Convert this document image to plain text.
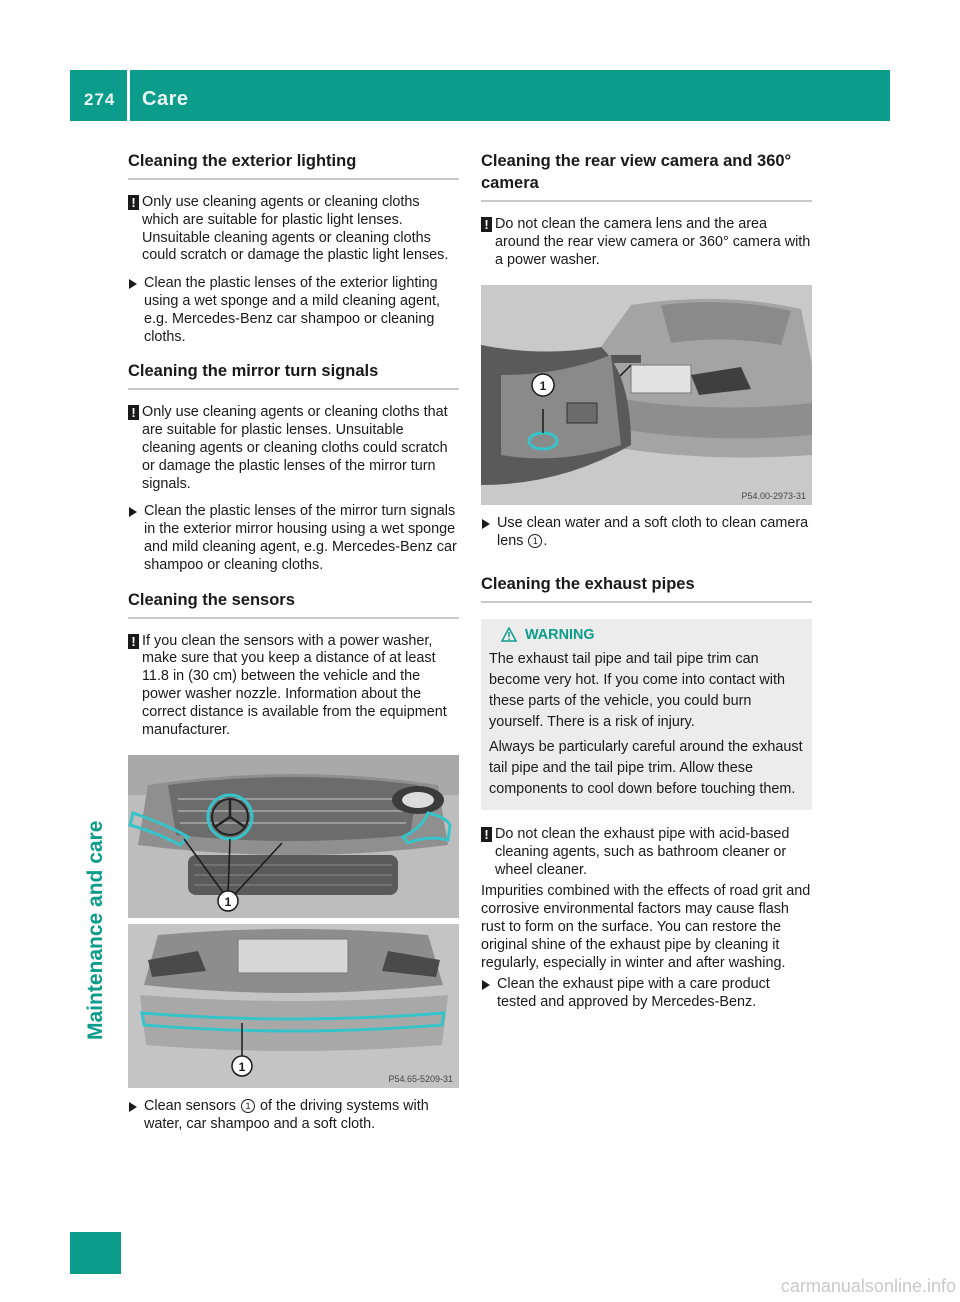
274 Care
Maintenance and care
Cleaning the exterior lighting
! Only use cleaning agents or cleaning cloths which are suitable for plastic light lenses. Unsuitable cleaning agents or cleaning cloths could scratch or damage the plastic light lenses.
Clean the plastic lenses of the exterior lighting using a wet sponge and a mild cleaning agent, e.g. Mercedes-Benz car shampoo or cleaning cloths.
Cleaning the mirror turn signals
! Only use cleaning agents or cleaning cloths that are suitable for plastic lenses. Unsuitable cleaning agents or cleaning cloths could scratch or damage the plastic lenses of the mirror turn signals.
Clean the plastic lenses of the mirror turn signals in the exterior mirror housing using a wet sponge and mild cleaning agent, e.g. Mercedes-Benz car shampoo or cleaning cloths.
Cleaning the sensors
! If you clean the sensors with a power washer, make sure that you keep a distance of at least 11.8 in (30 cm) between the vehicle and the power washer nozzle. Information about the correct distance is available from the equipment manufacturer.
1
1
P54.65-5209-31
Clean sensors 1 of the driving systems with water, car shampoo and a soft cloth.
Cleaning the rear view camera and 360° camera
! Do not clean the camera lens and the area around the rear view camera or 360° camera with a power washer.
1
P54.00-2973-31
Use clean water and a soft cloth to clean camera lens 1 .
Cleaning the exhaust pipes
WARNING

The exhaust tail pipe and tail pipe trim can become very hot. If you come into contact with these parts of the vehicle, you could burn yourself. There is a risk of injury.

Always be particularly careful around the exhaust tail pipe and the tail pipe trim. Allow these components to cool down before touching them.

! Do not clean the exhaust pipe with acid-based cleaning agents, such as bathroom cleaner or wheel cleaner.

Impurities combined with the effects of road grit and corrosive environmental factors may cause flash rust to form on the surface. You can restore the original shine of the exhaust pipe by cleaning it regularly, especially in winter and after washing.

Clean the exhaust pipe with a care product tested and approved by Mercedes-Benz.
carmanualsonline.info
